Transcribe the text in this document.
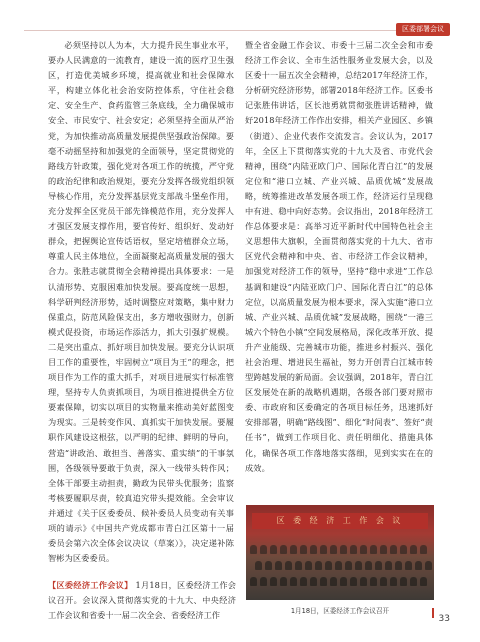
区委部署会议

必须坚持以人为本，大力提升民生事业水平，要办人民满意的一流教育，建设一流的医疗卫生强区，打造优美城乡环境，提高就业和社会保障水平，构建立体化社会治安防控体系，守住社会稳定、安全生产、食药监管三条底线，全力确保城市安全、市民安宁、社会安定；必须坚持全面从严治党，为加快推动高质量发展提供坚强政治保障。要毫不动摇坚持和加强党的全面领导，坚定贯彻党的路线方针政策，强化党对各项工作的统揽，严守党的政治纪律和政治规矩，要充分发挥各级党组织领导核心作用，充分发挥基层党支部战斗堡垒作用，充分发挥全区党员干部先锋模范作用，充分发挥人才强区发展支撑作用，要官传好、组织好、发动好群众，把握舆论宣传话语权，坚定培植群众立场，尊重人民主体地位，全面凝聚起高质量发展的强大合力。张胜志就贯彻全会精神提出具体要求：一是认清形势、克服困难加快发展。要高度统一思想，科学研判经济形势，适时调整应对策略，集中财力保重点，防范风险保支出，多方增收强财力，创新模式促投资，市场运作添活力，抓大引强扩规模。二是突出重点、抓好项目加快发展。要充分认识项目工作的重要性，牢固树立“项目为王”的理念，把项目作为工作的重大抓手，对项目进展实行标准管理，坚持专人负责抓项目，为项目推进提供全方位要素保障，切实以项目的实物量来推动美好蓝图变为现实。三是转变作风、真抓实干加快发展。要履职作风建设这根弦，以严明的纪律、鲜明的导向，营造“讲政治、敢担当、善落实、重实绩”的干事氛围，各级领导要敢于负责，深入一线带头转作风；全体干部要主动担责，勤政为民带头优服务；监察考核要履职尽责，较真追究带头提效能。全会审议并通过《关于区委委员、候补委员人员变动有关事项的请示》《中国共产党成都市青白江区第十一届委员会第六次全体会议决议（草案）》，决定递补陈智彬为区委委员。

【区委经济工作会议】 1月18日，区委经济工作会议召开。会议深入贯彻落实党的十九大、中央经济工作会议和省委十一届二次全会、省委经济工作

暨全省金融工作会议、市委十三届二次全会和市委经济工作会议、全市生活性服务业发展大会，以及区委十一届五次全会精神，总结2017年经济工作，分析研究经济形势，部署2018年经济工作。区委书记张胜伟讲话，区长池勇就贯彻张胜讲话精神，做好2018年经济工作作出安排，相关产业园区、乡镇（街道）、企业代表作交流发言。会议认为，2017年，全区上下贯彻落实党的十九大及省、市党代会精神，围绕“内陆亚欧门户、国际化青白江”的发展定位和“港口立城、产业兴城、品质优城”发展战略，统筹推进改革发展各项工作，经济运行呈现稳中有进、稳中向好态势。会议指出，2018年经济工作总体要求是：高举习近平新时代中国特色社会主义思想伟大旗帜，全面贯彻落实党的十九大、省市区党代会精神和中央、省、市经济工作会议精神，加强党对经济工作的领导，坚持“稳中求进”工作总基调和建设“内陆亚欧门户、国际化青白江”的总体定位，以高质量发展为根本要求，深入实施“港口立城、产业兴城、品质优城”发展战略，围绕“一港三城六个特色小镇”空间发展格局，深化改革开放、提升产业能级、完善城市功能，推进乡村振兴、强化社会治理、增进民生福祉，努力开创青白江城市转型跨越发展的新局面。会议强调，2018年，青白江区发展处在新的战略机遇期，各级各部门要对照市委、市政府和区委确定的各项目标任务，迅速抓好安排部署，明确“路线图”、细化“时间表”、签好“责任书”，做到工作项目化、责任明细化、措施具体化，确保各项工作落地落实落细，见到实实在在的成效。

区 委 经 济 工 作 会 议
1月18日，区委经济工作会议召开
33
